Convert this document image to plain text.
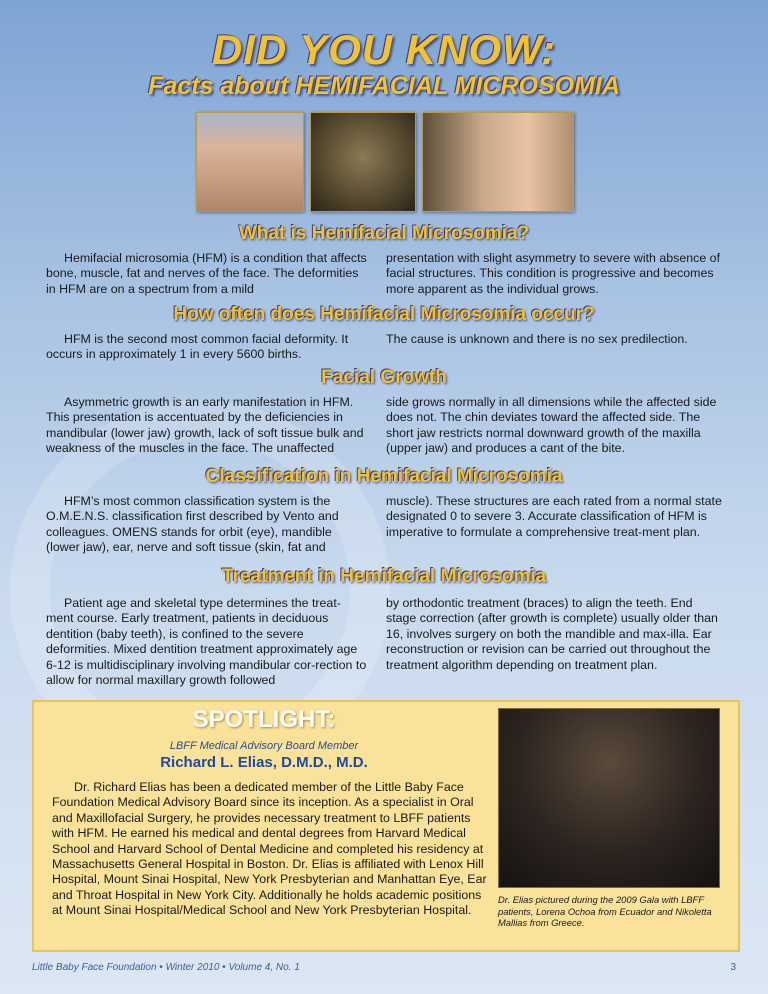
DID YOU KNOW:
Facts about HEMIFACIAL MICROSOMIA
What is Hemifacial Microsomia?
Hemifacial microsomia (HFM) is a condition that affects bone, muscle, fat and nerves of the face. The deformities in HFM are on a spectrum from a mild
presentation with slight asymmetry to severe with absence of facial structures. This condition is progressive and becomes more apparent as the individual grows.
How often does Hemifacial Microsomia occur?
HFM is the second most common facial deformity. It occurs in approximately 1 in every 5600 births.
The cause is unknown and there is no sex predilection.
Facial Growth
Asymmetric growth is an early manifestation in HFM. This presentation is accentuated by the deficiencies in mandibular (lower jaw) growth, lack of soft tissue bulk and weakness of the muscles in the face. The unaffected
side grows normally in all dimensions while the affected side does not. The chin deviates toward the affected side. The short jaw restricts normal downward growth of the maxilla (upper jaw) and produces a cant of the bite.
Classification in Hemifacial Microsomia
HFM’s most common classification system is the O.M.E.N.S. classification first described by Vento and colleagues. OMENS stands for orbit (eye), mandible (lower jaw), ear, nerve and soft tissue (skin, fat and
muscle). These structures are each rated from a normal state designated 0 to severe 3. Accurate classification of HFM is imperative to formulate a comprehensive treat-ment plan.
Treatment in Hemifacial Microsomia
Patient age and skeletal type determines the treat-ment course. Early treatment, patients in deciduous dentition (baby teeth), is confined to the severe deformities. Mixed dentition treatment approximately age 6-12 is multidisciplinary involving mandibular cor-rection to allow for normal maxillary growth followed
by orthodontic treatment (braces) to align the teeth. End stage correction (after growth is complete) usually older than 16, involves surgery on both the mandible and max-illa. Ear reconstruction or revision can be carried out throughout the treatment algorithm depending on treatment plan.
SPOTLIGHT:
LBFF Medical Advisory Board Member
Richard L. Elias, D.M.D., M.D.
Dr. Richard Elias has been a dedicated member of the Little Baby Face Foundation Medical Advisory Board since its inception. As a specialist in Oral and Maxillofacial Surgery, he provides necessary treatment to LBFF patients with HFM. He earned his medical and dental degrees from Harvard Medical School and Harvard School of Dental Medicine and completed his residency at Massachusetts General Hospital in Boston. Dr. Elias is affiliated with Lenox Hill Hospital, Mount Sinai Hospital, New York Presbyterian and Manhattan Eye, Ear and Throat Hospital in New York City. Additionally he holds academic positions at Mount Sinai Hospital/Medical School and New York Presbyterian Hospital.
Dr. Elias pictured during the 2009 Gala with LBFF patients, Lorena Ochoa from Ecuador and Nikoletta Mallias from Greece.
Little Baby Face Foundation • Winter 2010 • Volume 4, No. 1	3
